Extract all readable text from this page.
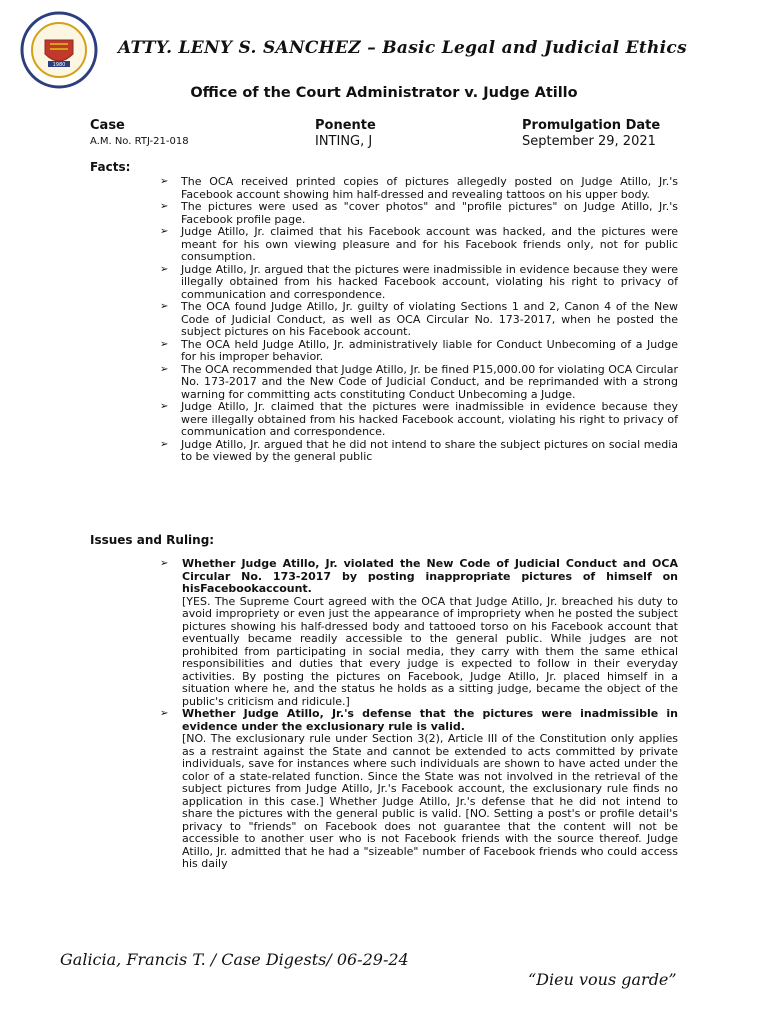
1980
ATTY. LENY S. SANCHEZ – Basic Legal and Judicial Ethics
Office of the Court Administrator v. Judge Atillo
Case
A.M. No. RTJ-21-018
Ponente
INTING, J
Promulgation Date
September 29, 2021
Facts:
➢ The OCA received printed copies of pictures allegedly posted on Judge Atillo, Jr.'s Facebook account showing him half-dressed and revealing tattoos on his upper body.
➢ The pictures were used as "cover photos" and "profile pictures" on Judge Atillo, Jr.'s Facebook profile page.
➢ Judge Atillo, Jr. claimed that his Facebook account was hacked, and the pictures were meant for his own viewing pleasure and for his Facebook friends only, not for public consumption.
➢ Judge Atillo, Jr. argued that the pictures were inadmissible in evidence because they were illegally obtained from his hacked Facebook account, violating his right to privacy of communication and correspondence.
➢ The OCA found Judge Atillo, Jr. guilty of violating Sections 1 and 2, Canon 4 of the New Code of Judicial Conduct, as well as OCA Circular No. 173-2017, when he posted the subject pictures on his Facebook account.
➢ The OCA held Judge Atillo, Jr. administratively liable for Conduct Unbecoming of a Judge for his improper behavior.
➢ The OCA recommended that Judge Atillo, Jr. be fined P15,000.00 for violating OCA Circular No. 173-2017 and the New Code of Judicial Conduct, and be reprimanded with a strong warning for committing acts constituting Conduct Unbecoming a Judge.
➢ Judge Atillo, Jr. claimed that the pictures were inadmissible in evidence because they were illegally obtained from his hacked Facebook account, violating his right to privacy of communication and correspondence.
➢ Judge Atillo, Jr. argued that he did not intend to share the subject pictures on social media to be viewed by the general public
Issues and Ruling:
➢ Whether Judge Atillo, Jr. violated the New Code of Judicial Conduct and OCA Circular No. 173-2017 by posting inappropriate pictures of himself on hisFacebookaccount.
[YES. The Supreme Court agreed with the OCA that Judge Atillo, Jr. breached his duty to avoid impropriety or even just the appearance of impropriety when he posted the subject pictures showing his half-dressed body and tattooed torso on his Facebook account that eventually became readily accessible to the general public. While judges are not prohibited from participating in social media, they carry with them the same ethical responsibilities and duties that every judge is expected to follow in their everyday activities. By posting the pictures on Facebook, Judge Atillo, Jr. placed himself in a situation where he, and the status he holds as a sitting judge, became the object of the public's criticism and ridicule.]
➢ Whether Judge Atillo, Jr.'s defense that the pictures were inadmissible in evidence under the exclusionary rule is valid.
[NO. The exclusionary rule under Section 3(2), Article III of the Constitution only applies as a restraint against the State and cannot be extended to acts committed by private individuals, save for instances where such individuals are shown to have acted under the color of a state-related function. Since the State was not involved in the retrieval of the subject pictures from Judge Atillo, Jr.'s Facebook account, the exclusionary rule finds no application in this case.] Whether Judge Atillo, Jr.'s defense that he did not intend to share the pictures with the general public is valid. [NO. Setting a post's or profile detail's privacy to "friends" on Facebook does not guarantee that the content will not be accessible to another user who is not Facebook friends with the source thereof. Judge Atillo, Jr. admitted that he had a "sizeable" number of Facebook friends who could access his daily
Galicia, Francis T. / Case Digests/ 06-29-24
“Dieu vous garde”
